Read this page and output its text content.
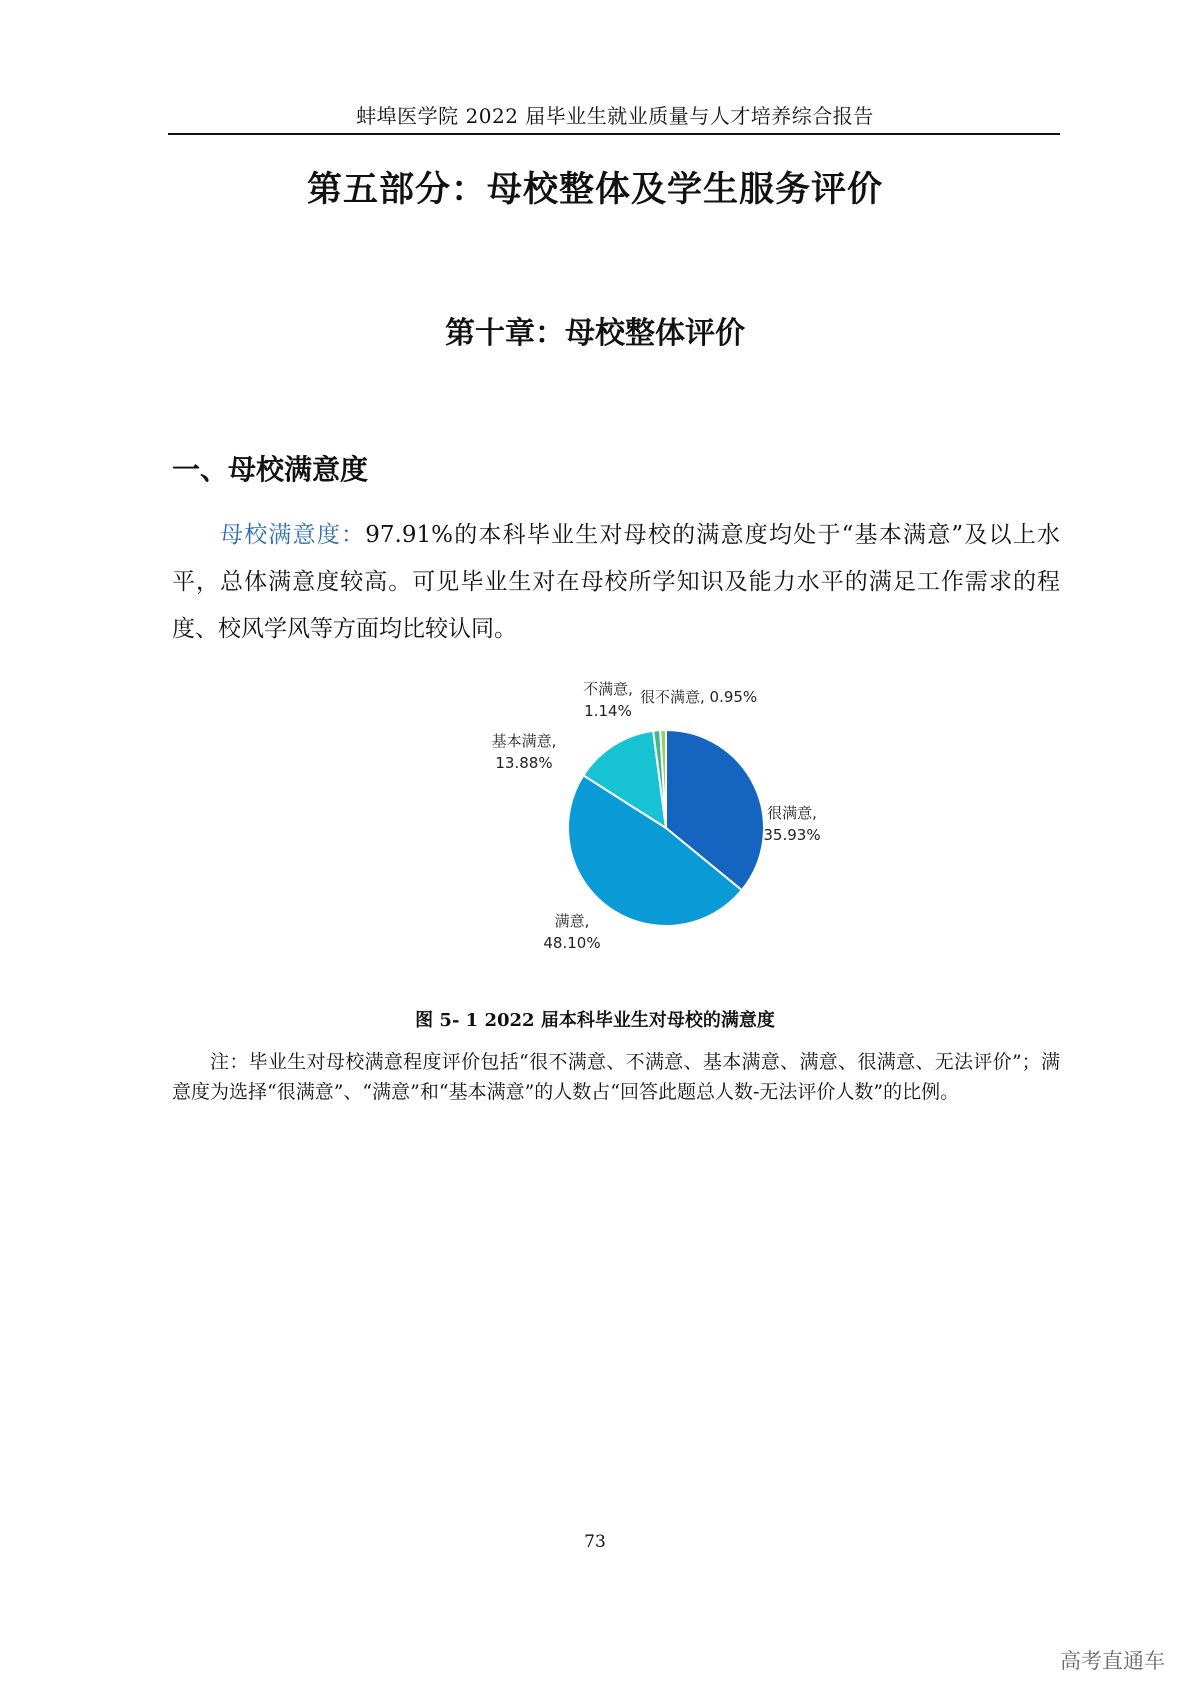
蚌埠医学院 2022 届毕业生就业质量与人才培养综合报告
第五部分：母校整体及学生服务评价
第十章：母校整体评价
一、母校满意度

母校满意度：97.91%的本科毕业生对母校的满意度均处于“基本满意”及以上水平，总体满意度较高。可见毕业生对在母校所学知识及能力水平的满足工作需求的程度、校风学风等方面均比较认同。

很满意, 35.93%
满意, 48.10%
基本满意, 13.88%
不满意, 1.14%
很不满意, 0.95%
图 5- 1 2022 届本科毕业生对母校的满意度

注：毕业生对母校满意程度评价包括“很不满意、不满意、基本满意、满意、很满意、无法评价”；满意度为选择“很满意”、“满意”和“基本满意”的人数占“回答此题总人数-无法评价人数”的比例。

73
高考直通车
